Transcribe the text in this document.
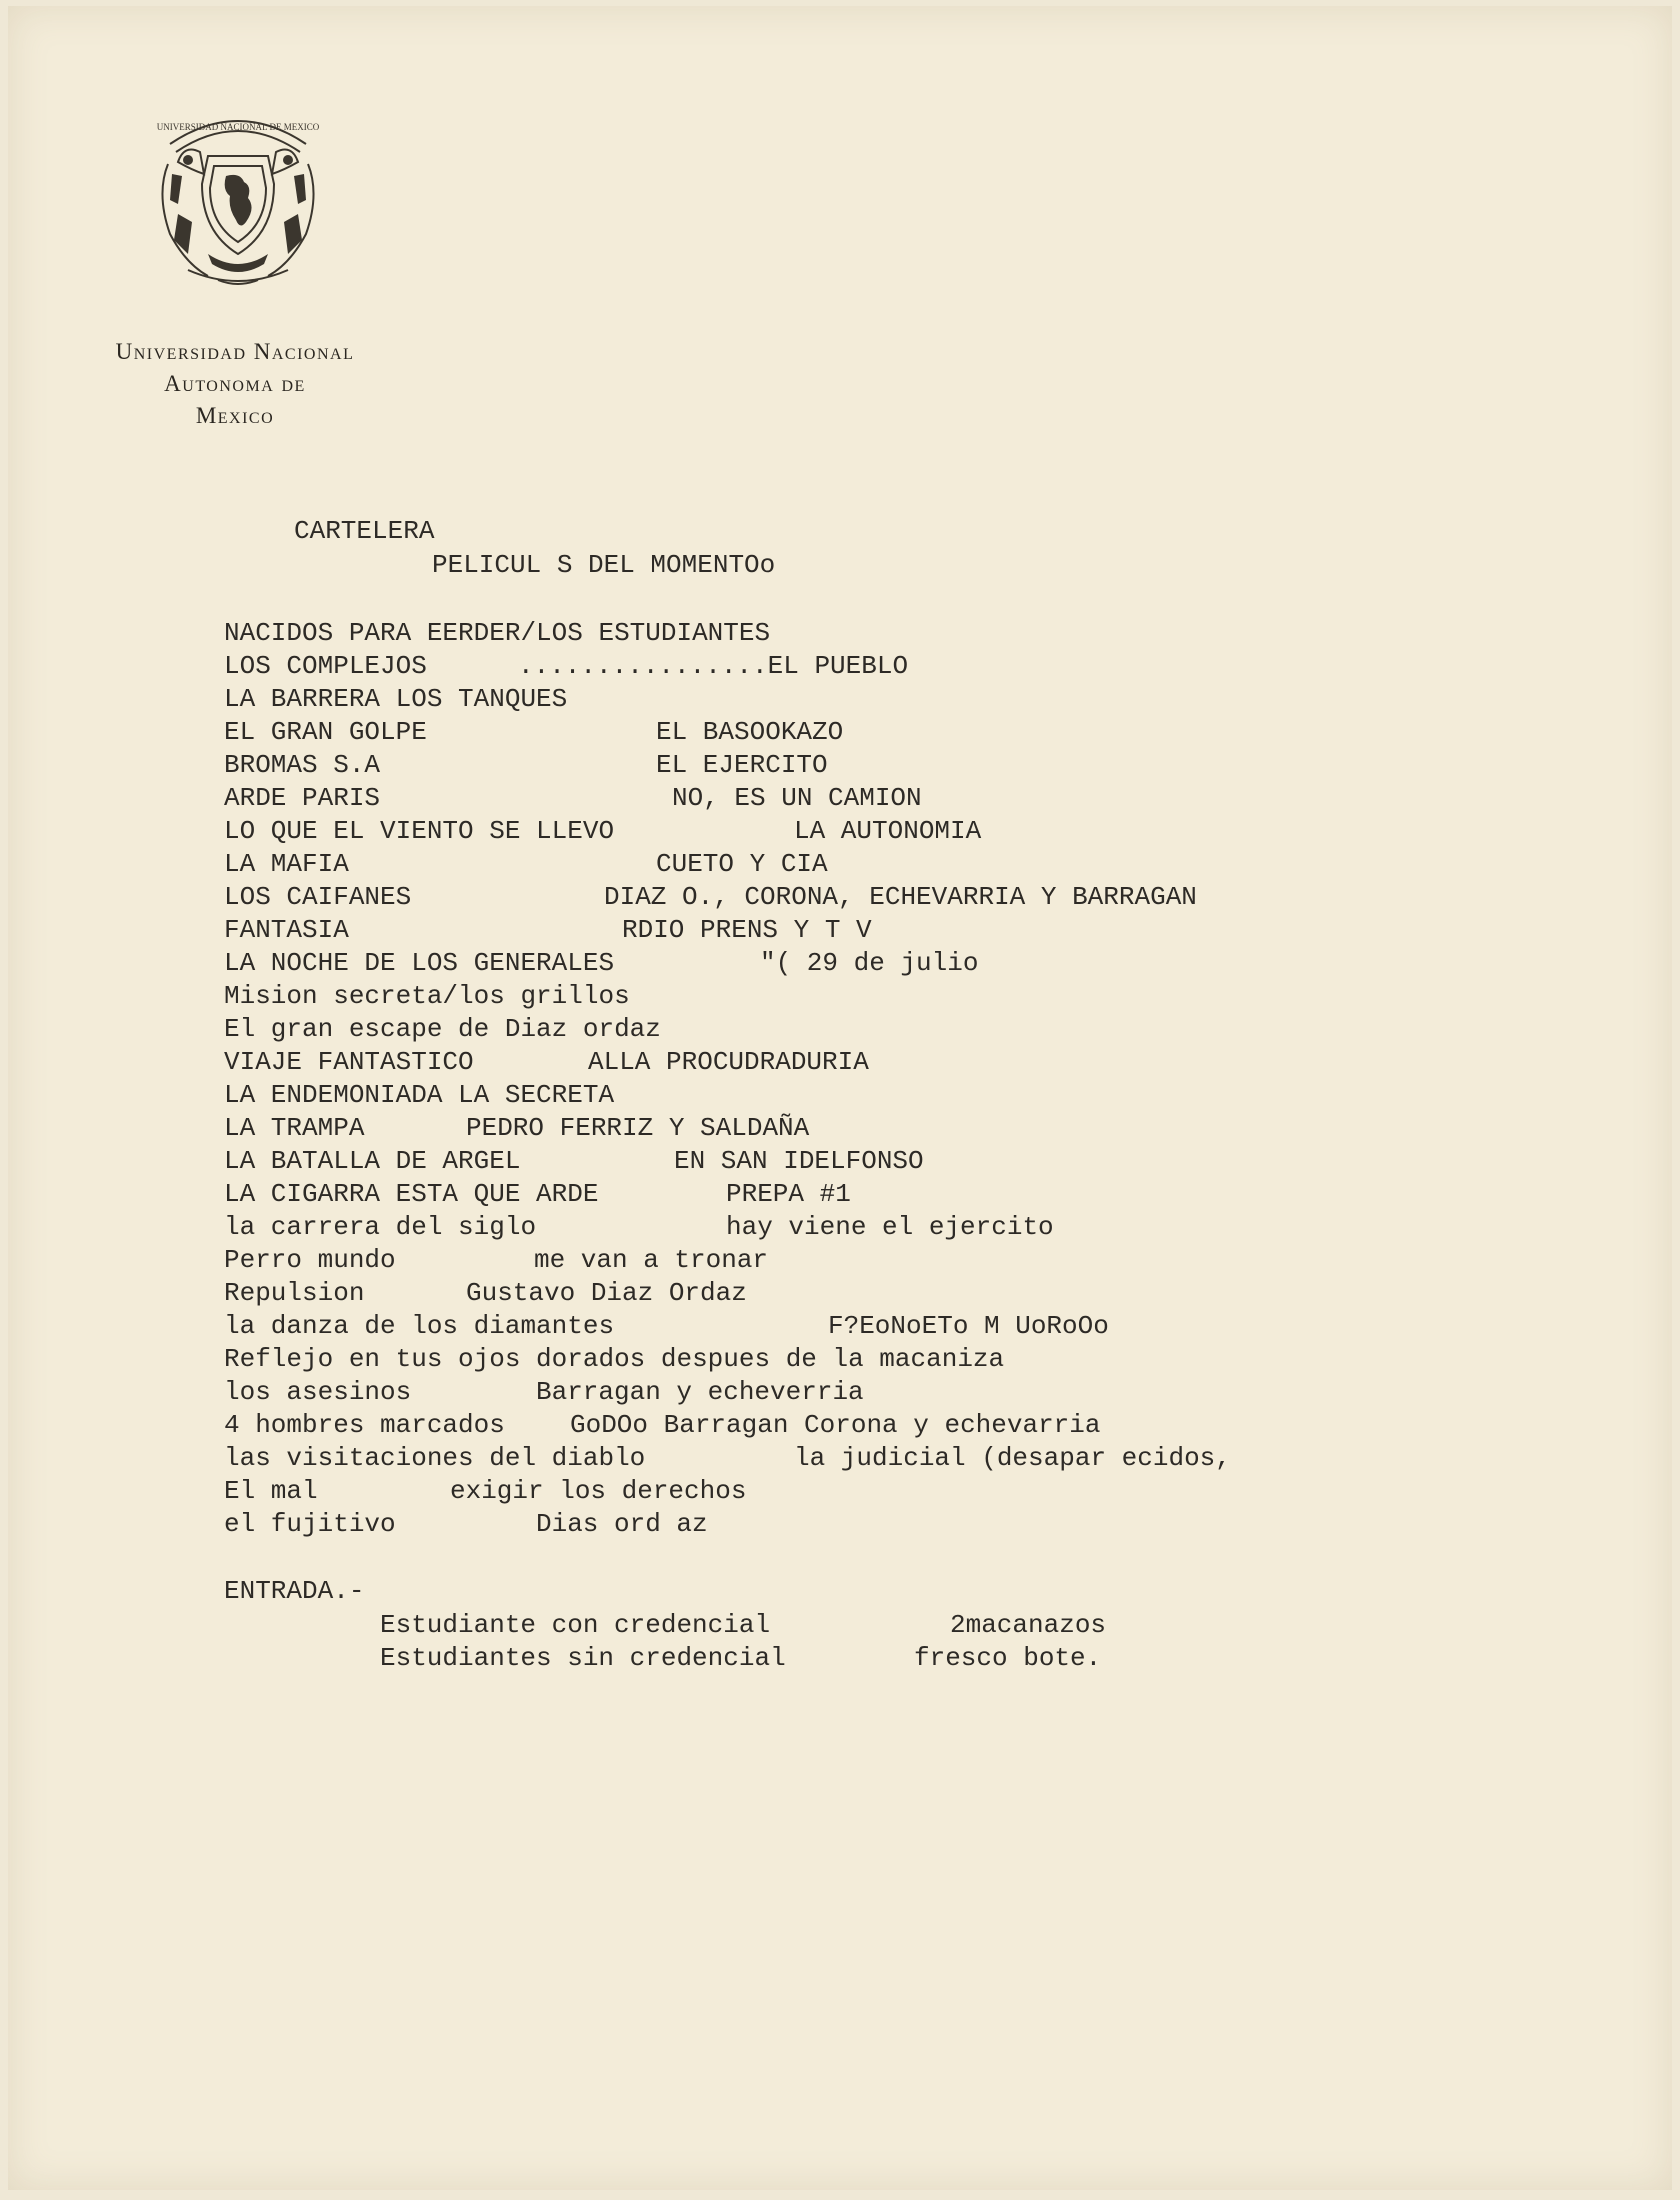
UNIVERSIDAD NACIONAL DE MEXICO
Universidad Nacional
Autonoma de
Mexico
CARTELERA
PELICUL S DEL MOMENTOo
NACIDOS PARA EERDER/LOS ESTUDIANTES
LOS COMPLEJOS	................EL PUEBLO
LA BARRERA LOS TANQUES
EL GRAN GOLPE	EL BASOOKAZO
BROMAS S.A	EL EJERCITO
ARDE PARIS	NO, ES UN CAMION
LO QUE EL VIENTO SE LLEVO	LA AUTONOMIA
LA MAFIA	CUETO Y CIA
LOS CAIFANES	DIAZ O., CORONA, ECHEVARRIA Y BARRAGAN
FANTASIA	RDIO PRENS Y T V
LA NOCHE DE LOS GENERALES	"( 29 de julio
Mision secreta/los grillos
El gran escape de Diaz ordaz
VIAJE FANTASTICO	ALLA PROCUDRADURIA
LA ENDEMONIADA LA SECRETA
LA TRAMPA	PEDRO FERRIZ Y SALDAÑA
LA BATALLA DE ARGEL	EN SAN IDELFONSO
LA CIGARRA ESTA QUE ARDE	PREPA #1
la carrera del siglo	hay viene el ejercito
Perro mundo	me van a tronar
Repulsion	Gustavo Diaz Ordaz
la danza de los diamantes	F?EoNoETo M UoRoOo
Reflejo en tus ojos dorados despues de la macaniza
los asesinos	Barragan y echeverria
4 hombres marcados	GoDOo Barragan Corona y echevarria
las visitaciones del diablo	la judicial (desapar ecidos,
El mal	exigir los derechos
el fujitivo	Dias ord az
ENTRADA.-
Estudiante con credencial	2macanazos
Estudiantes sin credencial	fresco bote.
